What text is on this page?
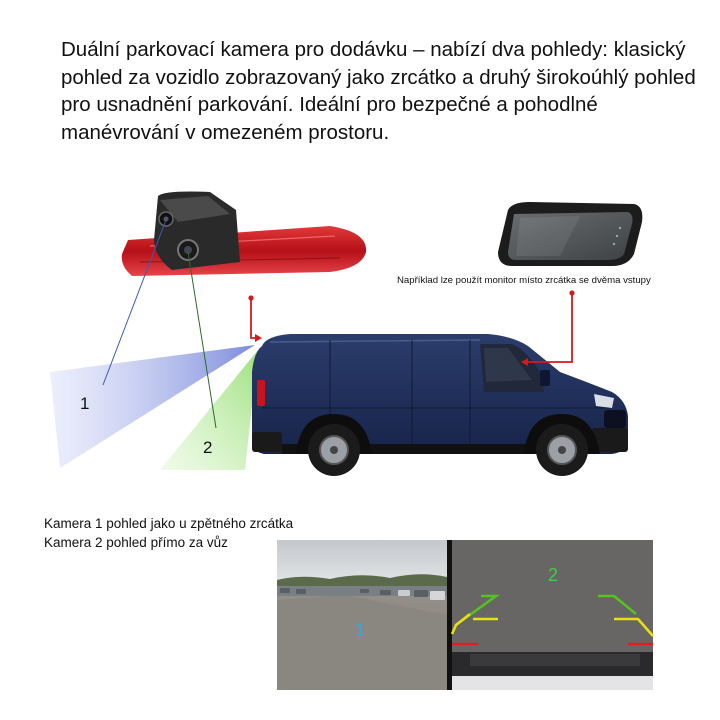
Duální parkovací kamera pro dodávku – nabízí dva pohledy: klasický pohled za vozidlo zobrazovaný jako zrcátko a druhý širokoúhlý pohled pro usnadnění parkování. Ideální pro bezpečné a pohodlné manévrování v omezeném prostoru.
Například lze použít monitor místo zrcátka se dvěma vstupy
1
2
Kamera 1 pohled jako u zpětného zrcátka
Kamera 2 pohled přímo za vůz
1
2
